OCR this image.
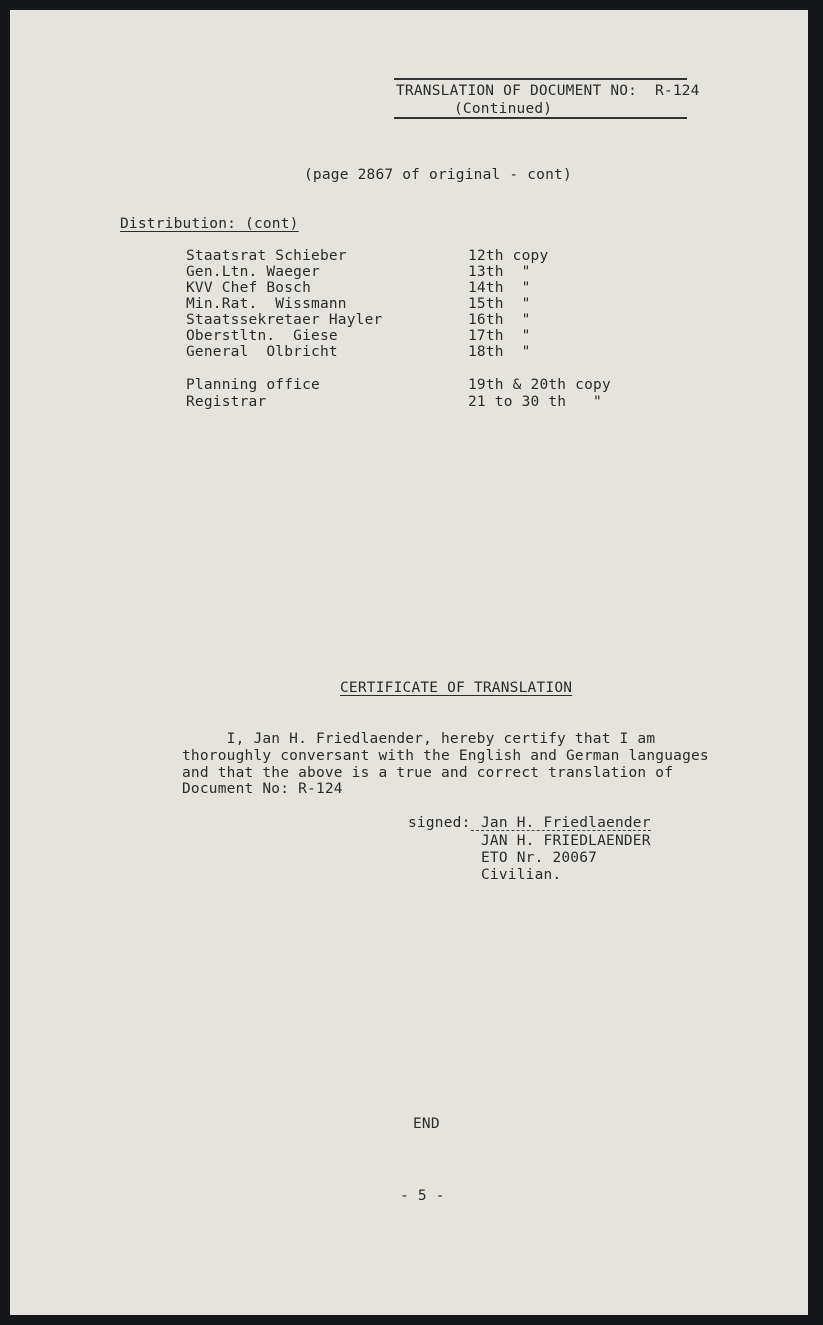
TRANSLATION OF DOCUMENT NO:  R-124
(Continued)
(page 2867 of original - cont)
Distribution: (cont)
Staatsrat Schieber	12th copy
Gen.Ltn. Waeger	13th  "
KVV Chef Bosch	14th  "
Min.Rat.  Wissmann	15th  "
Staatssekretaer Hayler	16th  "
Oberstltn.  Giese	17th  "
General  Olbricht	18th  "
Planning office	19th & 20th copy
Registrar	21 to 30 th   "
CERTIFICATE OF TRANSLATION
I, Jan H. Friedlaender, hereby certify that I am
thoroughly conversant with the English and German languages
and that the above is a true and correct translation of
Document No: R-124
signed: Jan H. Friedlaender
JAN H. FRIEDLAENDER
ETO Nr. 20067
Civilian.
END
- 5 -
